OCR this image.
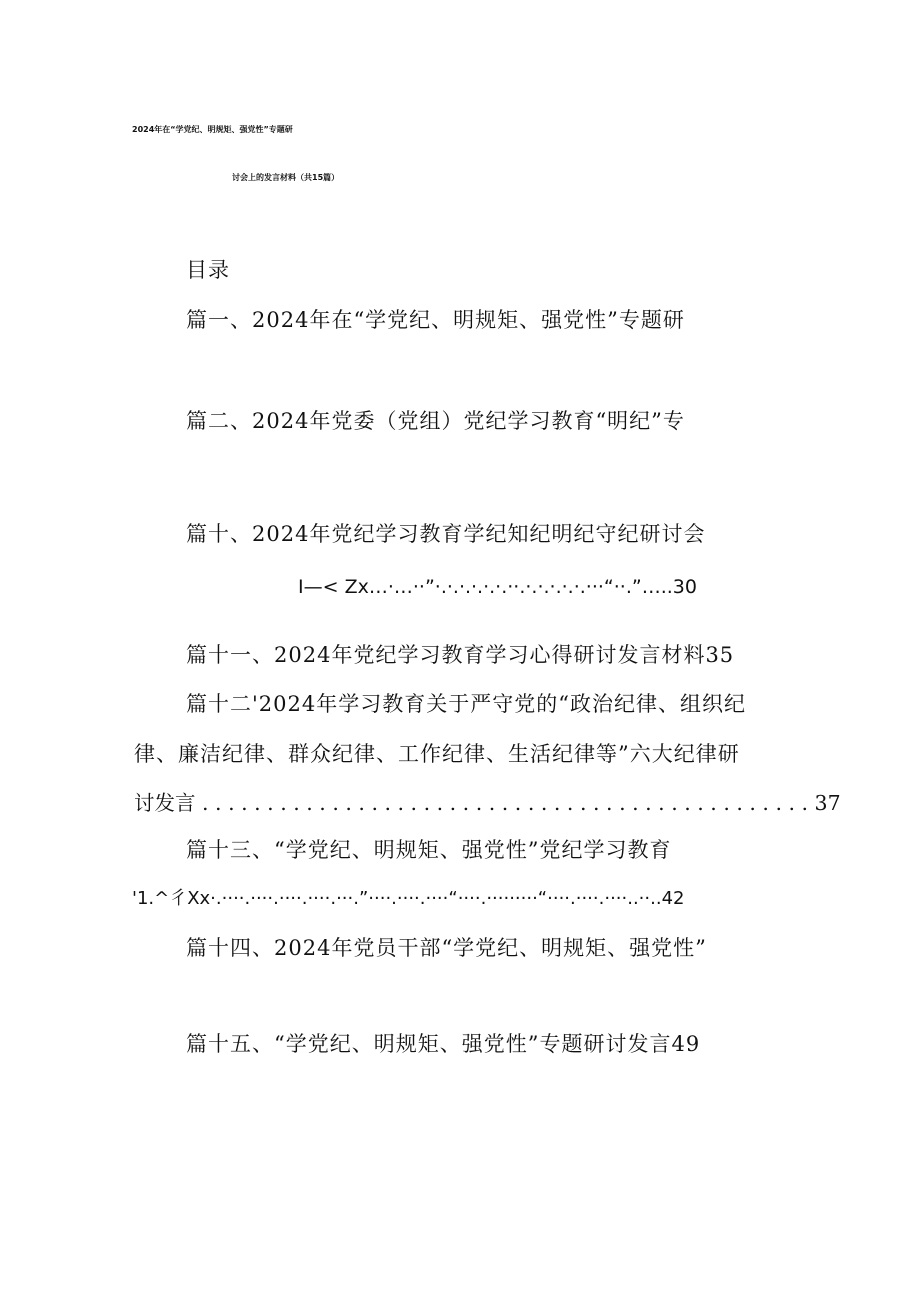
2024年在“学党纪、明规矩、强党性”专题研
讨会上的发言材料（共15篇）
目录
篇一、2024年在“学党纪、明规矩、强党性”专题研
篇二、2024年党委（党组）党纪学习教育“明纪”专
篇十、2024年党纪学习教育学纪知纪明纪守纪研讨会
I—< Zx…·…··”·.·.·.·.·.·.··.·.·.·.·.·.···“··.”…..30
篇十一、2024年党纪学习教育学习心得研讨发言材料35
篇十二'2024年学习教育关于严守党的“政治纪律、组织纪
律、廉洁纪律、群众纪律、工作纪律、生活纪律等”六大纪律研
讨发言 . . . . . . . . . . . . . . . . . . . . . . . . . . . . . . . . . . . . . . . . . . . . . . . 37
篇十三、“学党纪、明规矩、强党性”党纪学习教育
'1.^彳Xx·.····.····.····.····.···.”····.····.····“····.·········“····.····.····..··..42
篇十四、2024年党员干部“学党纪、明规矩、强党性”
篇十五、“学党纪、明规矩、强党性”专题研讨发言49
